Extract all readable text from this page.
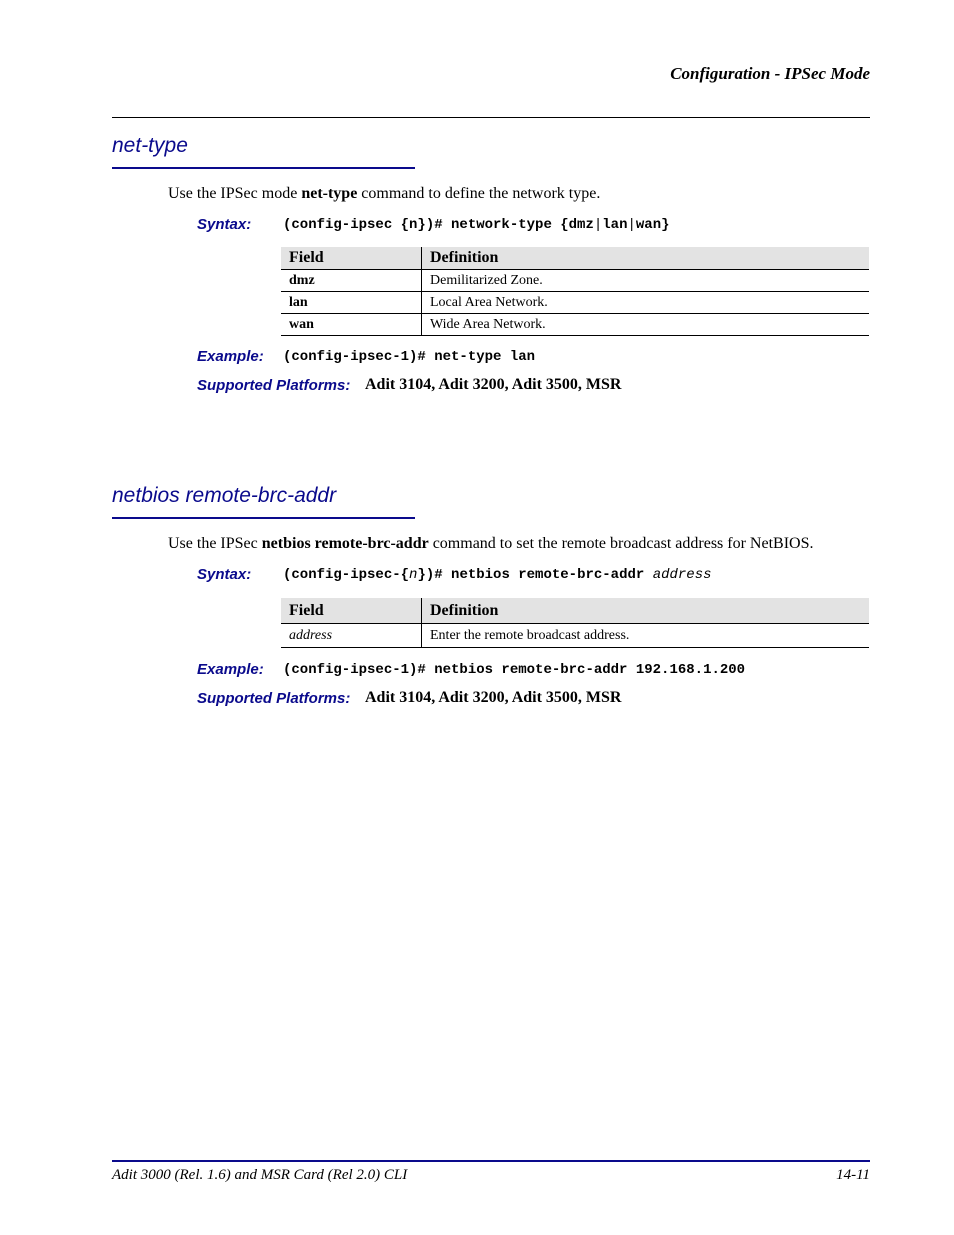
Configuration - IPSec Mode
net-type
Use the IPSec mode net-type command to define the network type.
Syntax: (config-ipsec {n})# network-type {dmz|lan|wan}
Field	Definition
dmz	Demilitarized Zone.
lan	Local Area Network.
wan	Wide Area Network.
Example: (config-ipsec-1)# net-type lan
Supported Platforms: Adit 3104, Adit 3200, Adit 3500, MSR
netbios remote-brc-addr
Use the IPSec netbios remote-brc-addr command to set the remote broadcast address for NetBIOS.
Syntax: (config-ipsec-{n})# netbios remote-brc-addr address
Field	Definition
address	Enter the remote broadcast address.
Example: (config-ipsec-1)# netbios remote-brc-addr 192.168.1.200
Supported Platforms: Adit 3104, Adit 3200, Adit 3500, MSR
Adit 3000 (Rel. 1.6) and MSR Card (Rel 2.0) CLI	14-11
